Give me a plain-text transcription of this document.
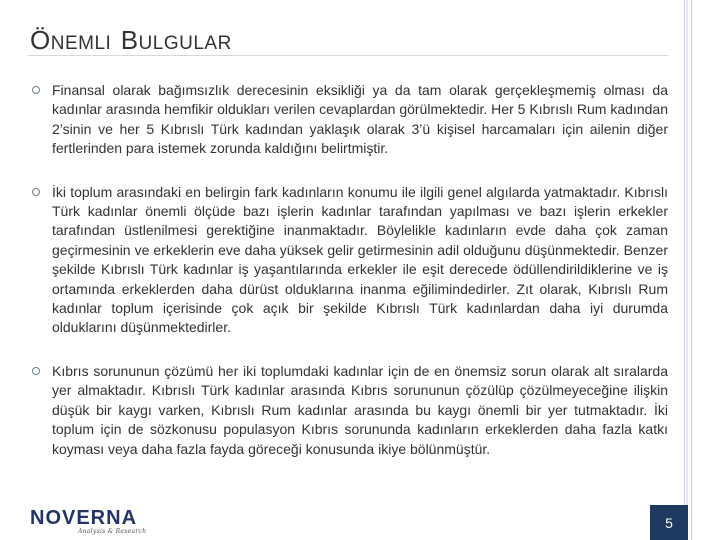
ÖNEMLI BULGULAR
Finansal olarak bağımsızlık derecesinin eksikliği ya da tam olarak gerçekleşmemiş olması da kadınlar arasında hemfikir oldukları verilen cevaplardan görülmektedir. Her 5 Kıbrıslı Rum kadından 2’sinin ve her 5 Kıbrıslı Türk kadından yaklaşık olarak 3’ü kişisel harcamaları için ailenin diğer fertlerinden para istemek zorunda kaldığını belirtmiştir.
İki toplum arasındaki en belirgin fark kadınların konumu ile ilgili genel algılarda yatmaktadır. Kıbrıslı Türk kadınlar önemli ölçüde bazı işlerin kadınlar tarafından yapılması ve bazı işlerin erkekler tarafından üstlenilmesi gerektiğine inanmaktadır. Böylelikle kadınların evde daha çok zaman geçirmesinin ve erkeklerin eve daha yüksek gelir getirmesinin adil olduğunu düşünmektedir. Benzer şekilde Kıbrıslı Türk kadınlar iş yaşantılarında erkekler ile eşit derecede ödüllendirildiklerine ve iş ortamında erkeklerden daha dürüst olduklarına inanma eğilimindedirler. Zıt olarak, Kıbrıslı Rum kadınlar toplum içerisinde çok açık bir şekilde Kıbrıslı Türk kadınlardan daha iyi durumda olduklarını düşünmektedirler.
Kıbrıs sorununun çözümü her iki toplumdaki kadınlar için de en önemsiz sorun olarak alt sıralarda yer almaktadır. Kıbrıslı Türk kadınlar arasında Kıbrıs sorununun çözülüp çözülmeyeceğine ilişkin düşük bir kaygı varken, Kıbrıslı Rum kadınlar arasında bu kaygı önemli bir yer tutmaktadır. İki toplum için de sözkonusu populasyon Kıbrıs sorununda kadınların erkeklerden daha fazla katkı koyması veya daha fazla fayda göreceği konusunda ikiye bölünmüştür.
NOVERNA
Analysis & Research
5
